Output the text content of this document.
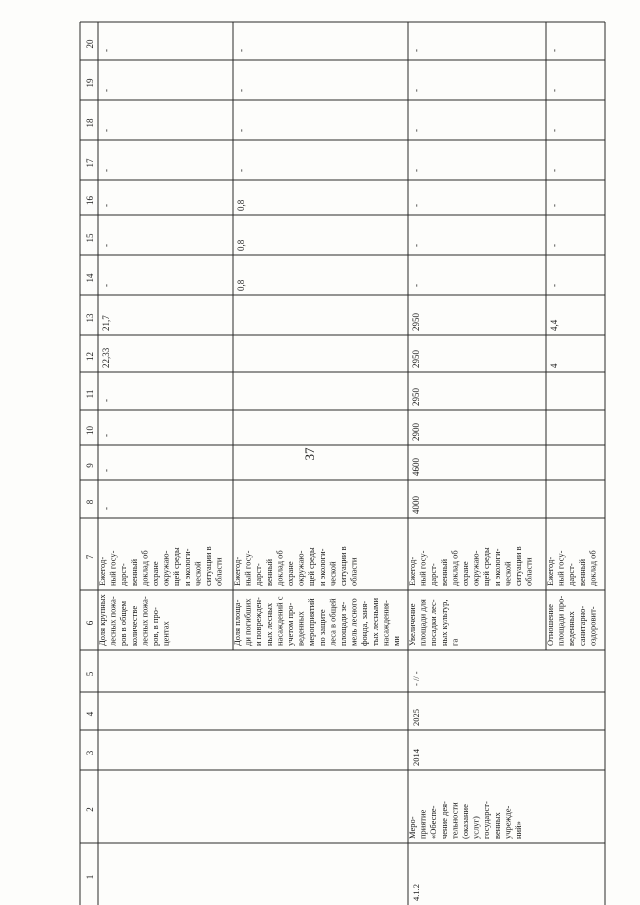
37
1
2
3
4
5
6
7
8
9
10
11
12
13
14
15
16
17
18
19
20
Доля крупных лесных пожа- ров в общем количестве лесных пожа- ров, в про- центах
Ежегод- ный госу- дарст- венный доклад об охране окружаю- щей среды и экологи- ческой ситуации в области
-
-
-
-
22,33
21,7
-
-
-
-
-
-
-
Доля площа- ди погибших и поврежден- ных лесных насаждений с учетом про- веденных мероприятий по защите леса в общей площади зе- мель лесного фонда, заня- тых лесными насаждения- ми
Ежегод- ный госу- дарст- венный доклад об охране окружаю- щей среды и экологи- ческой ситуации в области
0,8
0,8
0,8
-
-
-
-
4.1.2
Меро- приятие «Обеспе- чение дея- тельности (оказание услуг) государст- венных учрежде- ний»
2014
2025
- // -
Увеличение площади для посадки лес- ных культур, га
Ежегод- ный госу- дарст- венный доклад об охране окружаю- щей среды и экологи- ческой ситуации в области
4000
4600
2900
2950
2950
2950
-
-
-
-
-
-
-
Отношение площади про- веденных санитарно- оздоровит-
Ежегод- ный госу- дарст- венный доклад об
4
4,4
-
-
-
-
-
-
-
